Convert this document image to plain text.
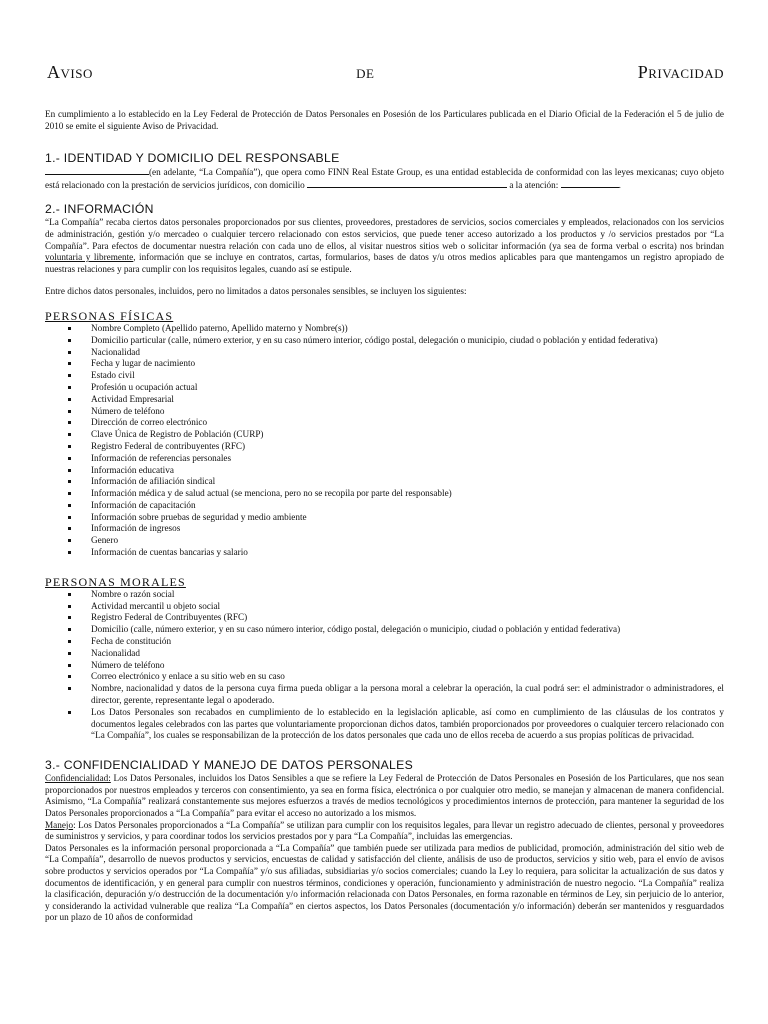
Aviso	de	Privacidad

En cumplimiento a lo establecido en la Ley Federal de Protección de Datos Personales en Posesión de los Particulares publicada en el Diario Oficial de la Federación el 5 de julio de 2010 se emite el siguiente Aviso de Privacidad.

1.- IDENTIDAD Y DOMICILIO DEL RESPONSABLE

(en adelante, “La Compañía”), que opera como FINN Real Estate Group, es una entidad establecida de conformidad con las leyes mexicanas; cuyo objeto está relacionado con la prestación de servicios jurídicos, con domicilio	a la atención:	.

2.- INFORMACIÓN

“La Compañía” recaba ciertos datos personales proporcionados por sus clientes, proveedores, prestadores de servicios, socios comerciales y empleados, relacionados con los servicios de administración, gestión y/o mercadeo o cualquier tercero relacionado con estos servicios, que puede tener acceso autorizado a los productos y /o servicios prestados por “La Compañía”. Para efectos de documentar nuestra relación con cada uno de ellos, al visitar nuestros sitios web o solicitar información (ya sea de forma verbal o escrita) nos brindan voluntaria y libremente, información que se incluye en contratos, cartas, formularios, bases de datos y/u otros medios aplicables para que mantengamos un registro apropiado de nuestras relaciones y para cumplir con los requisitos legales, cuando así se estipule.

Entre dichos datos personales, incluidos, pero no limitados a datos personales sensibles, se incluyen los siguientes:

PERSONAS FÍSICAS
Nombre Completo (Apellido paterno, Apellido materno y Nombre(s))
Domicilio particular (calle, número exterior, y en su caso número interior, código postal, delegación o municipio, ciudad o población y entidad federativa)
Nacionalidad
Fecha y lugar de nacimiento
Estado civil
Profesión u ocupación actual
Actividad Empresarial
Número de teléfono
Dirección de correo electrónico
Clave Única de Registro de Población (CURP)
Registro Federal de contribuyentes (RFC)
Información de referencias personales
Información educativa
Información de afiliación sindical
Información médica y de salud actual (se menciona, pero no se recopila por parte del responsable)
Información de capacitación
Información sobre pruebas de seguridad y medio ambiente
Información de ingresos
Genero
Información de cuentas bancarias y salario
PERSONAS MORALES
Nombre o razón social
Actividad mercantil u objeto social
Registro Federal de Contribuyentes (RFC)
Domicilio (calle, número exterior, y en su caso número interior, código postal, delegación o municipio, ciudad o población y entidad federativa)
Fecha de constitución
Nacionalidad
Número de teléfono
Correo electrónico y enlace a su sitio web en su caso
Nombre, nacionalidad y datos de la persona cuya firma pueda obligar a la persona moral a celebrar la operación, la cual podrá ser: el administrador o administradores, el director, gerente, representante legal o apoderado.
Los Datos Personales son recabados en cumplimiento de lo establecido en la legislación aplicable, así como en cumplimiento de las cláusulas de los contratos y documentos legales celebrados con las partes que voluntariamente proporcionan dichos datos, también proporcionados por proveedores o cualquier tercero relacionado con “La Compañía”, los cuales se responsabilizan de la protección de los datos personales que cada uno de ellos receba de acuerdo a sus propias políticas de privacidad.
3.- CONFIDENCIALIDAD Y MANEJO DE DATOS PERSONALES

Confidencialidad: Los Datos Personales, incluidos los Datos Sensibles a que se refiere la Ley Federal de Protección de Datos Personales en Posesión de los Particulares, que nos sean proporcionados por nuestros empleados y terceros con consentimiento, ya sea en forma física, electrónica o por cualquier otro medio, se manejan y almacenan de manera confidencial. Asimismo, “La Compañía” realizará constantemente sus mejores esfuerzos a través de medios tecnológicos y procedimientos internos de protección, para mantener la seguridad de los Datos Personales proporcionados a “La Compañía” para evitar el acceso no autorizado a los mismos.

Manejo: Los Datos Personales proporcionados a “La Compañía” se utilizan para cumplir con los requisitos legales, para llevar un registro adecuado de clientes, personal y proveedores de suministros y servicios, y para coordinar todos los servicios prestados por y para “La Compañía”, incluidas las emergencias.

Datos Personales es la información personal proporcionada a “La Compañía” que también puede ser utilizada para medios de publicidad, promoción, administración del sitio web de “La Compañía”, desarrollo de nuevos productos y servicios, encuestas de calidad y satisfacción del cliente, análisis de uso de productos, servicios y sitio web, para el envío de avisos sobre productos y servicios operados por “La Compañía” y/o sus afiliadas, subsidiarias y/o socios comerciales; cuando la Ley lo requiera, para solicitar la actualización de sus datos y documentos de identificación, y en general para cumplir con nuestros términos, condiciones y operación, funcionamiento y administración de nuestro negocio. “La Compañía” realiza la clasificación, depuración y/o destrucción de la documentación y/o información relacionada con Datos Personales, en forma razonable en términos de Ley, sin perjuicio de lo anterior, y considerando la actividad vulnerable que realiza “La Compañía” en ciertos aspectos, los Datos Personales (documentación y/o información) deberán ser mantenidos y resguardados por un plazo de 10 años de conformidad
